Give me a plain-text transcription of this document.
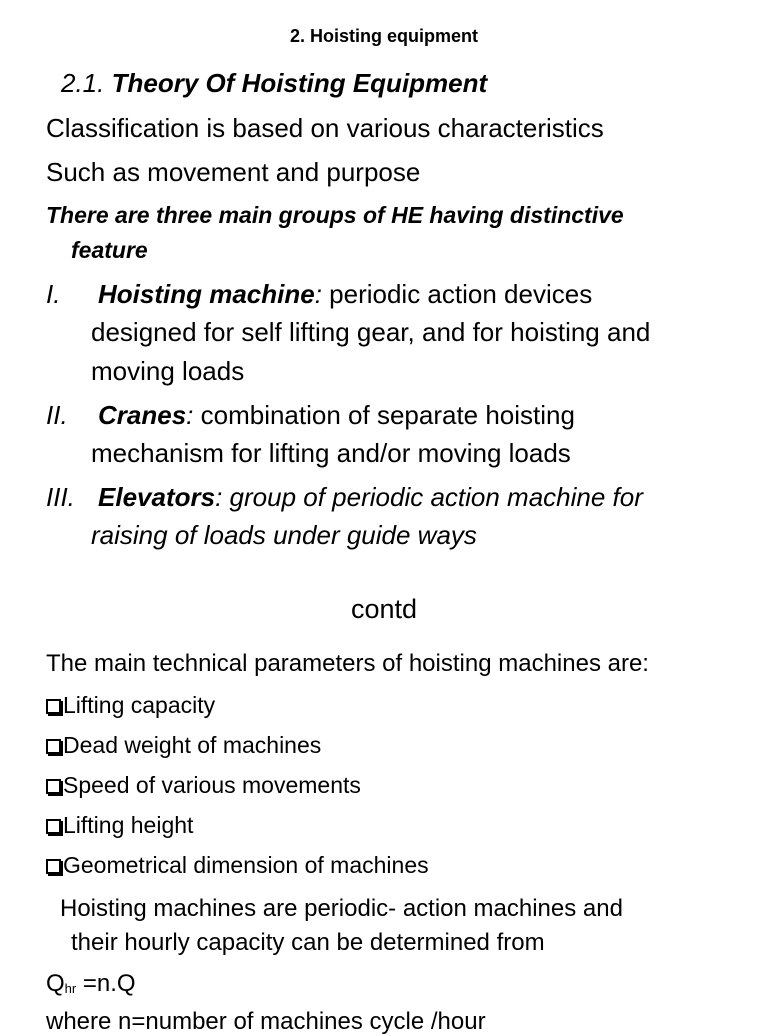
2. Hoisting equipment

2.1. Theory Of Hoisting Equipment

Classification is based on various characteristics

Such as movement and purpose

There are three main groups of HE having distinctive

feature

I. Hoisting machine: periodic action devices

designed for self lifting gear, and for hoisting and

moving loads

II. Cranes: combination of separate hoisting

mechanism for lifting and/or moving loads

III. Elevators: group of periodic action machine for

raising of loads under guide ways

contd

The main technical parameters of hoisting machines are:

Lifting capacity
Dead weight of machines
Speed of various movements
Lifting height
Geometrical dimension of machines

Hoisting machines are periodic- action machines and

their hourly capacity can be determined from

$Q_{hr} =n.Q$

where n=number of machines cycle /hour
